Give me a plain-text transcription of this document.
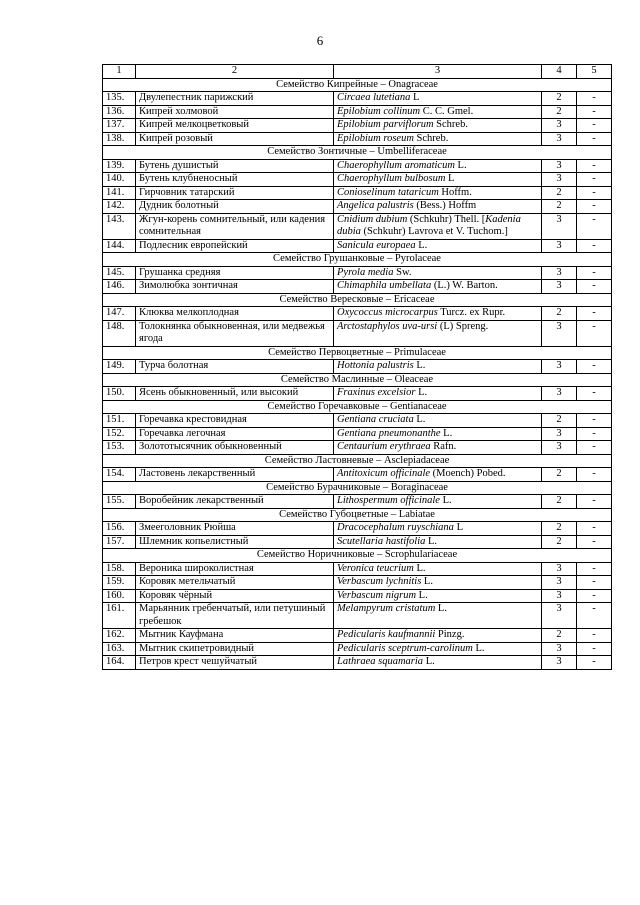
6
1	2	3	4	5
Семейство Кипрейные – Onagraceae				
135.	Двулепестник парижский	Circaea lutetiana L	2	-
136.	Кипрей холмовой	Epilobium collinum C. C. Gmel.	2	-
137.	Кипрей мелкоцветковый	Epilobium parviflorum Schreb.	3	-
138.	Кипрей розовый	Epilobium roseum Schreb.	3	-
Семейство Зонтичные – Umbelliferaceae				
139.	Бутень душистый	Chaerophyllum aromaticum L.	3	-
140.	Бутень клубненосный	Chaerophyllum bulbosum L	3	-
141.	Гирчовник татарский	Conioselinum tataricum Hoffm.	2	-
142.	Дудник болотный	Angelica palustris (Bess.) Hoffm	2	-
143.	Жгун-корень сомнительный, или кадения сомнительная	Cnidium dubium (Schkuhr) Thell. [Kadenia dubia (Schkuhr) Lavrova et V. Tuchom.]	3	-
144.	Подлесник европейский	Sanicula europaea L.	3	-
Семейство Грушанковые – Pyrolaceae				
145.	Грушанка средняя	Pyrola media Sw.	3	-
146.	Зимолюбка зонтичная	Chimaphila umbellata (L.) W. Barton.	3	-
Семейство Вересковые – Ericaceae				
147.	Клюква мелкоплодная	Oxycoccus microcarpus Turcz. ex Rupr.	2	-
148.	Толокнянка обыкновенная, или медвежья ягода	Arctostaphylos uva-ursi (L) Spreng.	3	-
Семейство Первоцветные – Primulaceae				
149.	Турча болотная	Hottonia palustris L.	3	-
Семейство Маслинные – Oleaceae				
150.	Ясень обыкновенный, или высокий	Fraxinus excelsior L.	3	-
Семейство Горечавковые – Gentianaceae				
151.	Горечавка крестовидная	Gentiana cruciata L.	2	-
152.	Горечавка легочная	Gentiana pneumonanthe L.	3	-
153.	Золототысячник обыкновенный	Centaurium erythraea Rafn.	3	-
Семейство Ластовневые – Asclepiadaceae				
154.	Ластовень лекарственный	Antitoxicum officinale (Moench) Pobed.	2	-
Семейство Бурачниковые – Boraginaceae				
155.	Воробейник лекарственный	Lithospermum officinale L.	2	-
Семейство Губоцветные – Labiatae				
156.	Змееголовник Рюйша	Dracocephalum ruyschiana L	2	-
157.	Шлемник копьелистный	Scutellaria hastifolia L.	2	-
Семейство Норичниковые – Scrophulariaceae				
158.	Вероника широколистная	Veronica teucrium L.	3	-
159.	Коровяк метельчатый	Verbascum lychnitis L.	3	-
160.	Коровяк чёрный	Verbascum nigrum L.	3	-
161.	Марьянник гребенчатый, или петушиный гребешок	Melampyrum cristatum L.	3	-
162.	Мытник Кауфмана	Pedicularis kaufmannii Pinzg.	2	-
163.	Мытник скипетровидный	Pedicularis sceptrum-carolinum L.	3	-
164.	Петров крест чешуйчатый	Lathraea squamaria L.	3	-
